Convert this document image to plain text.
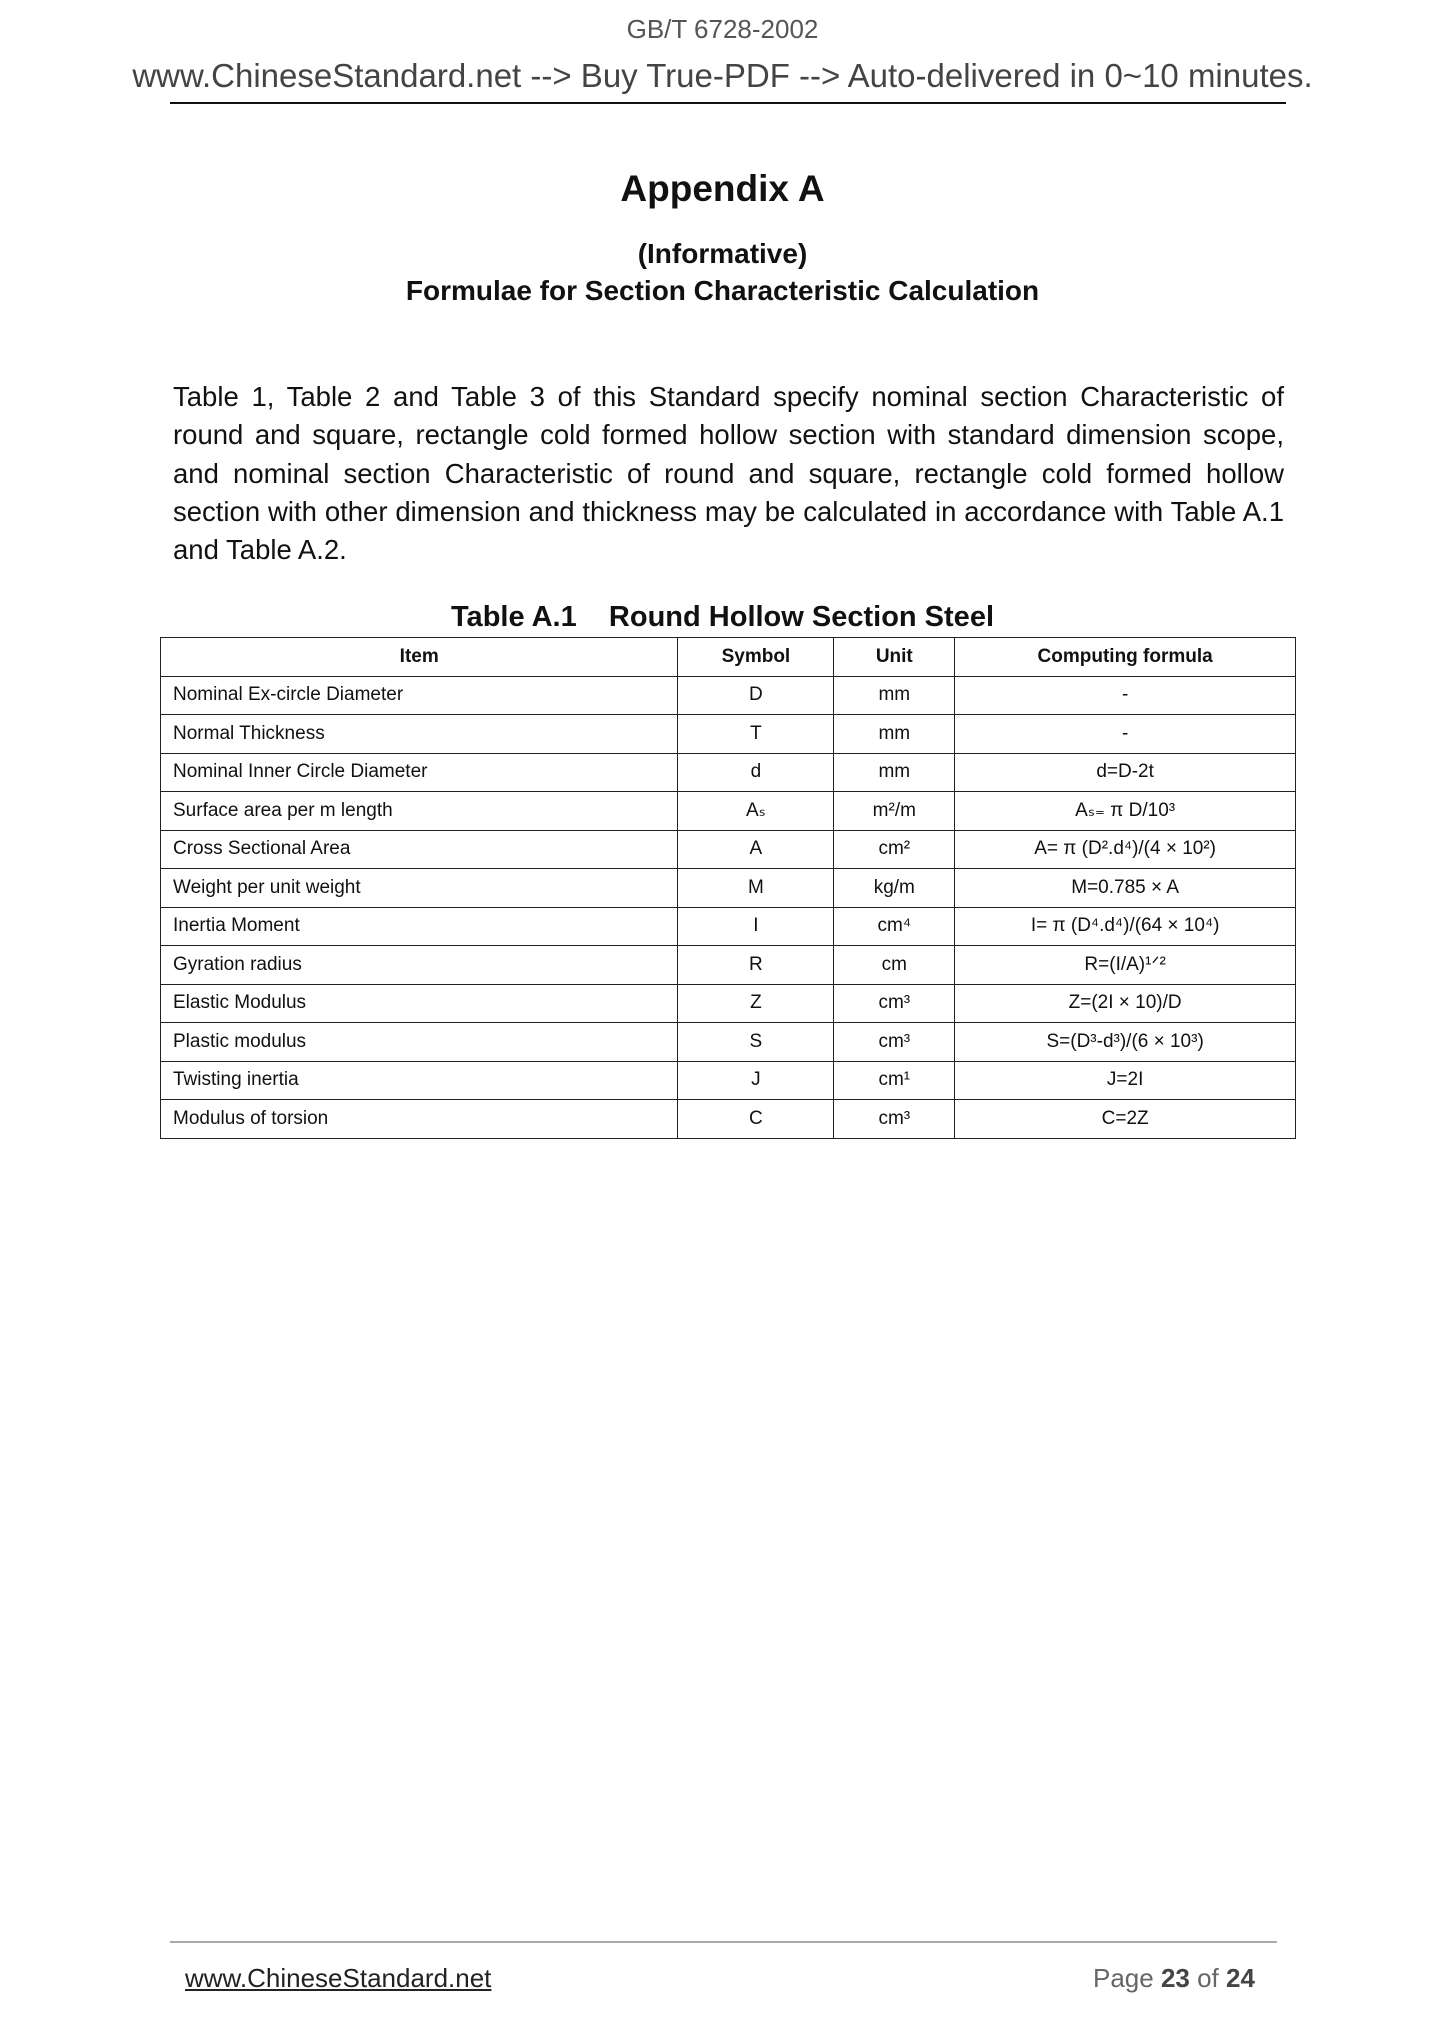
GB/T 6728-2002
www.ChineseStandard.net --> Buy True-PDF --> Auto-delivered in 0~10 minutes.
Appendix A
(Informative)
Formulae for Section Characteristic Calculation
Table 1, Table 2 and Table 3 of this Standard specify nominal section Characteristic of round and square, rectangle cold formed hollow section with standard dimension scope, and nominal section Characteristic of round and square, rectangle cold formed hollow section with other dimension and thickness may be calculated in accordance with Table A.1 and Table A.2.
Table A.1    Round Hollow Section Steel
Item	Symbol	Unit	Computing formula
Nominal Ex-circle Diameter	D	mm	-
Normal Thickness	T	mm	-
Nominal Inner Circle Diameter	d	mm	d=D-2t
Surface area per m length	Aₛ	m²/m	Aₛ₌ π D/10³
Cross Sectional Area	A	cm²	A= π (D².d⁴)/(4 × 10²)
Weight per unit weight	M	kg/m	M=0.785 × A
Inertia Moment	I	cm⁴	I= π (D⁴.d⁴)/(64 × 10⁴)
Gyration radius	R	cm	R=(I/A)¹ᐟ²
Elastic Modulus	Z	cm³	Z=(2I × 10)/D
Plastic modulus	S	cm³	S=(D³-d³)/(6 × 10³)
Twisting inertia	J	cm¹	J=2I
Modulus of torsion	C	cm³	C=2Z
www.ChineseStandard.net	Page 23 of 24
